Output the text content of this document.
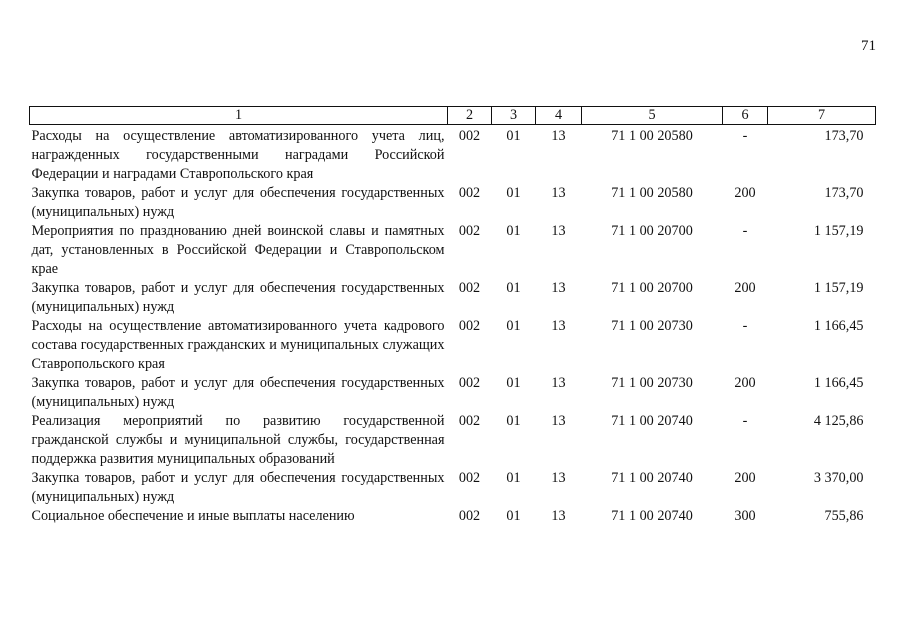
71
1	2	3	4	5	6	7
Расходы на осуществление автоматизированного учета лиц, награжденных государственными наградами Российской Федерации и наградами Ставропольского края	002	01	13	71 1 00 20580	-	173,70
Закупка товаров, работ и услуг для обеспечения государственных (муниципальных) нужд	002	01	13	71 1 00 20580	200	173,70
Мероприятия по празднованию дней воинской славы и памятных дат, установленных в Российской Федерации и Ставропольском крае	002	01	13	71 1 00 20700	-	1 157,19
Закупка товаров, работ и услуг для обеспечения государственных (муниципальных) нужд	002	01	13	71 1 00 20700	200	1 157,19
Расходы на осуществление автоматизированного учета кадрового состава государственных гражданских и муниципальных служащих Ставропольского края	002	01	13	71 1 00 20730	-	1 166,45
Закупка товаров, работ и услуг для обеспечения государственных (муниципальных) нужд	002	01	13	71 1 00 20730	200	1 166,45
Реализация мероприятий по развитию государственной гражданской службы и муниципальной службы, государственная поддержка развития муниципальных образований	002	01	13	71 1 00 20740	-	4 125,86
Закупка товаров, работ и услуг для обеспечения государственных (муниципальных) нужд	002	01	13	71 1 00 20740	200	3 370,00
Социальное обеспечение и иные выплаты населению	002	01	13	71 1 00 20740	300	755,86
